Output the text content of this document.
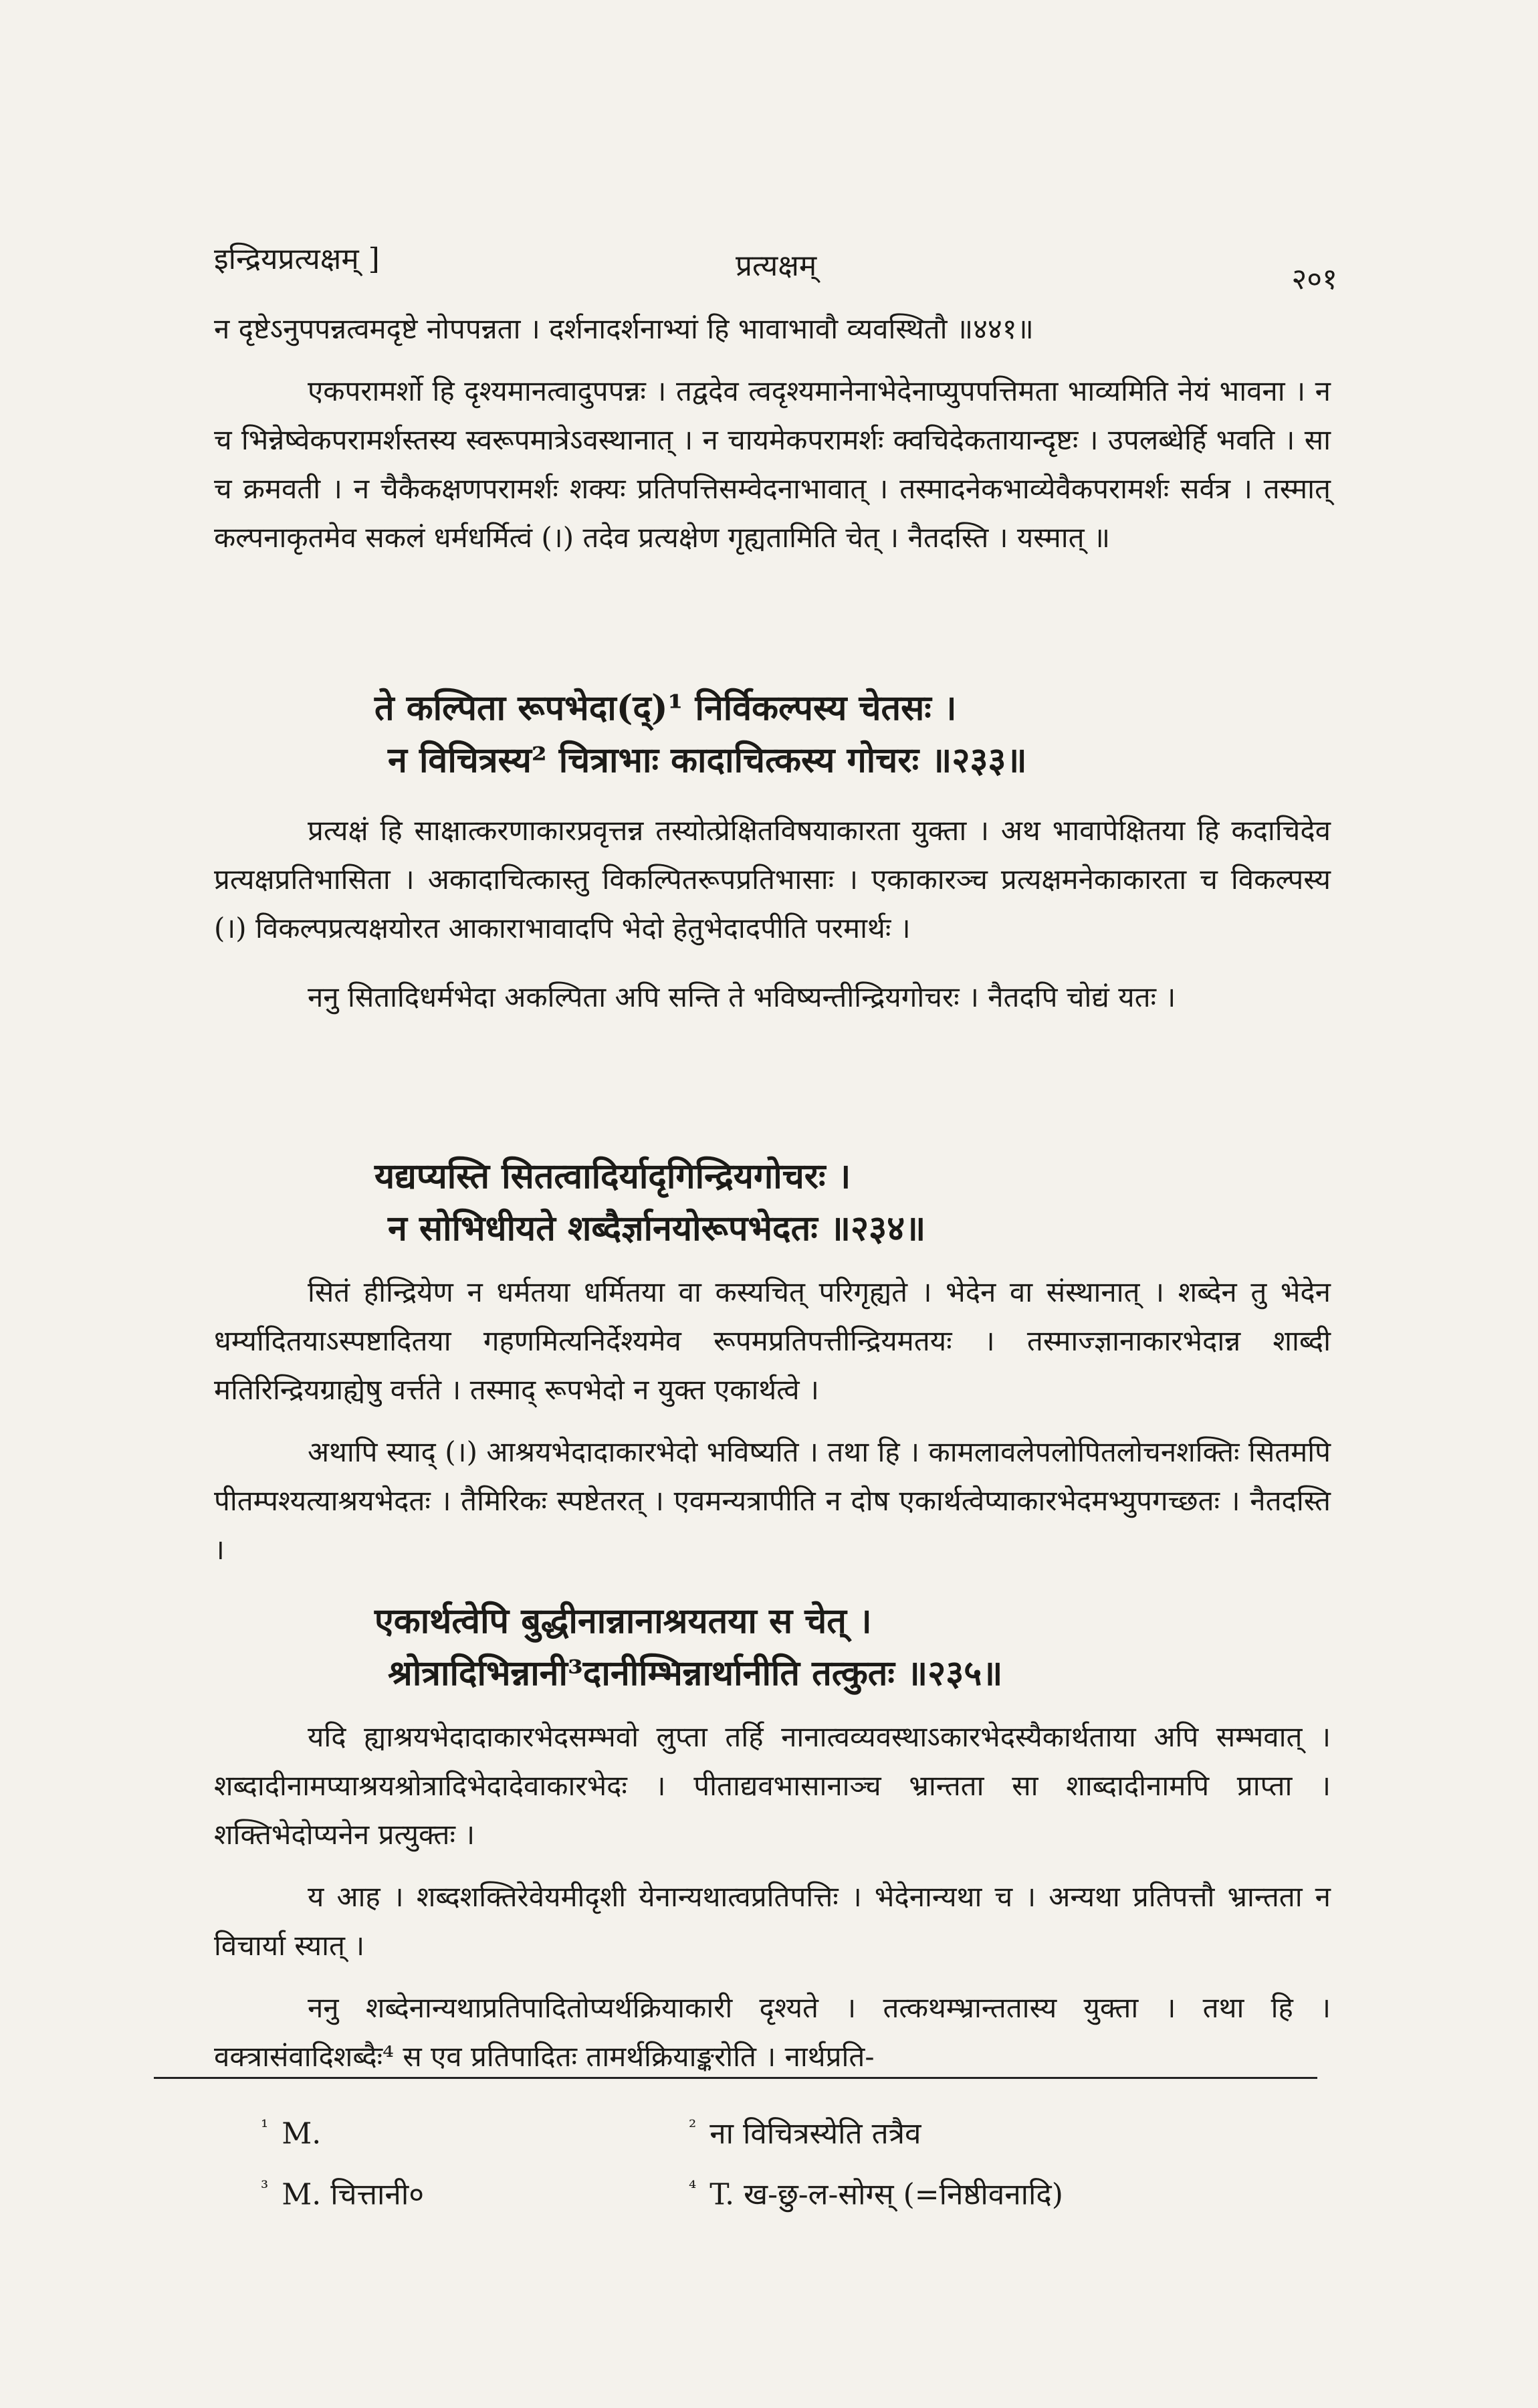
इन्द्रियप्रत्यक्षम् ]	प्रत्यक्षम्	२०१

न दृष्टेऽनुपपन्नत्वमदृष्टे नोपपन्नता । दर्शनादर्शनाभ्यां हि भावाभावौ व्यवस्थितौ ॥४४१॥

एकपरामर्शो हि दृश्यमानत्वादुपपन्नः । तद्वदेव त्वदृश्यमानेनाभेदेनाप्युपपत्तिमता भाव्यमिति नेयं भावना । न च भिन्नेष्वेकपरामर्शस्तस्य स्वरूपमात्रेऽवस्थानात् । न चायमेकपरामर्शः क्वचिदेकतायान्दृष्टः । उपलब्धेर्हि भवति । सा च क्रमवती । न चैकैकक्षणपरामर्शः शक्यः प्रतिपत्तिसम्वेदनाभावात् । तस्मादनेकभाव्येवैकपरामर्शः सर्वत्र । तस्मात् कल्पनाकृतमेव सकलं धर्मधर्मित्वं (।) तदेव प्रत्यक्षेण गृह्यतामिति चेत् । नैतदस्ति । यस्मात् ॥

ते कल्पिता रूपभेदा(द्)¹ निर्विकल्पस्य चेतसः ।
न विचित्रस्य² चित्राभाः कादाचित्कस्य गोचरः ॥२३३॥

प्रत्यक्षं हि साक्षात्करणाकारप्रवृत्तन्न तस्योत्प्रेक्षितविषयाकारता युक्ता । अथ भावापेक्षितया हि कदाचिदेव प्रत्यक्षप्रतिभासिता । अकादाचित्कास्तु विकल्पितरूपप्रतिभासाः । एकाकारञ्च प्रत्यक्षमनेकाकारता च विकल्पस्य (।) विकल्पप्रत्यक्षयोरत आकाराभावादपि भेदो हेतुभेदादपीति परमार्थः ।

ननु सितादिधर्मभेदा अकल्पिता अपि सन्ति ते भविष्यन्तीन्द्रियगोचरः । नैतदपि चोद्यं यतः ।

यद्यप्यस्ति सितत्वादिर्यादृगिन्द्रियगोचरः ।
न सोभिधीयते शब्दैर्ज्ञानयोरूपभेदतः ॥२३४॥

सितं हीन्द्रियेण न धर्मतया धर्मितया वा कस्यचित् परिगृह्यते । भेदेन वा संस्थानात् । शब्देन तु भेदेन धर्म्यादितयाऽस्पष्टादितया गहणमित्यनिर्देश्यमेव रूपमप्रतिपत्तीन्द्रियमतयः । तस्माज्ज्ञानाकारभेदान्न शाब्दी मतिरिन्द्रियग्राह्येषु वर्त्तते । तस्माद् रूपभेदो न युक्त एकार्थत्वे ।

अथापि स्याद् (।) आश्रयभेदादाकारभेदो भविष्यति । तथा हि । कामलावलेपलोपितलोचनशक्तिः सितमपि पीतम्पश्यत्याश्रयभेदतः । तैमिरिकः स्पष्टेतरत् । एवमन्यत्रापीति न दोष एकार्थत्वेप्याकारभेदमभ्युपगच्छतः । नैतदस्ति ।

एकार्थत्वेपि बुद्धीनान्नानाश्रयतया स चेत् ।
श्रोत्रादिभिन्नानी³दानीम्भिन्नार्थानीति तत्कुतः ॥२३५॥

यदि ह्याश्रयभेदादाकारभेदसम्भवो लुप्ता तर्हि नानात्वव्यवस्थाऽकारभेदस्यैकार्थताया अपि सम्भवात् । शब्दादीनामप्याश्रयश्रोत्रादिभेदादेवाकारभेदः । पीताद्यवभासानाञ्च भ्रान्तता सा शाब्दादीनामपि प्राप्ता । शक्तिभेदोप्यनेन प्रत्युक्तः ।

य आह । शब्दशक्तिरेवेयमीदृशी येनान्यथात्वप्रतिपत्तिः । भेदेनान्यथा च । अन्यथा प्रतिपत्तौ भ्रान्तता न विचार्या स्यात् ।

ननु शब्देनान्यथाप्रतिपादितोप्यर्थक्रियाकारी दृश्यते । तत्कथम्भ्रान्ततास्य युक्ता । तथा हि । वक्त्रासंवादिशब्दैः⁴ स एव प्रतिपादितः तामर्थक्रियाङ्करोति । नार्थप्रति-

$^{^1}$ M.	$^{^2}$ ना विचित्रस्येति तत्रैव
$^{^3}$ M. चित्तानी०	$^{^4}$ T. ख-छु-ल-सोग्स् (=निष्ठीवनादि)
